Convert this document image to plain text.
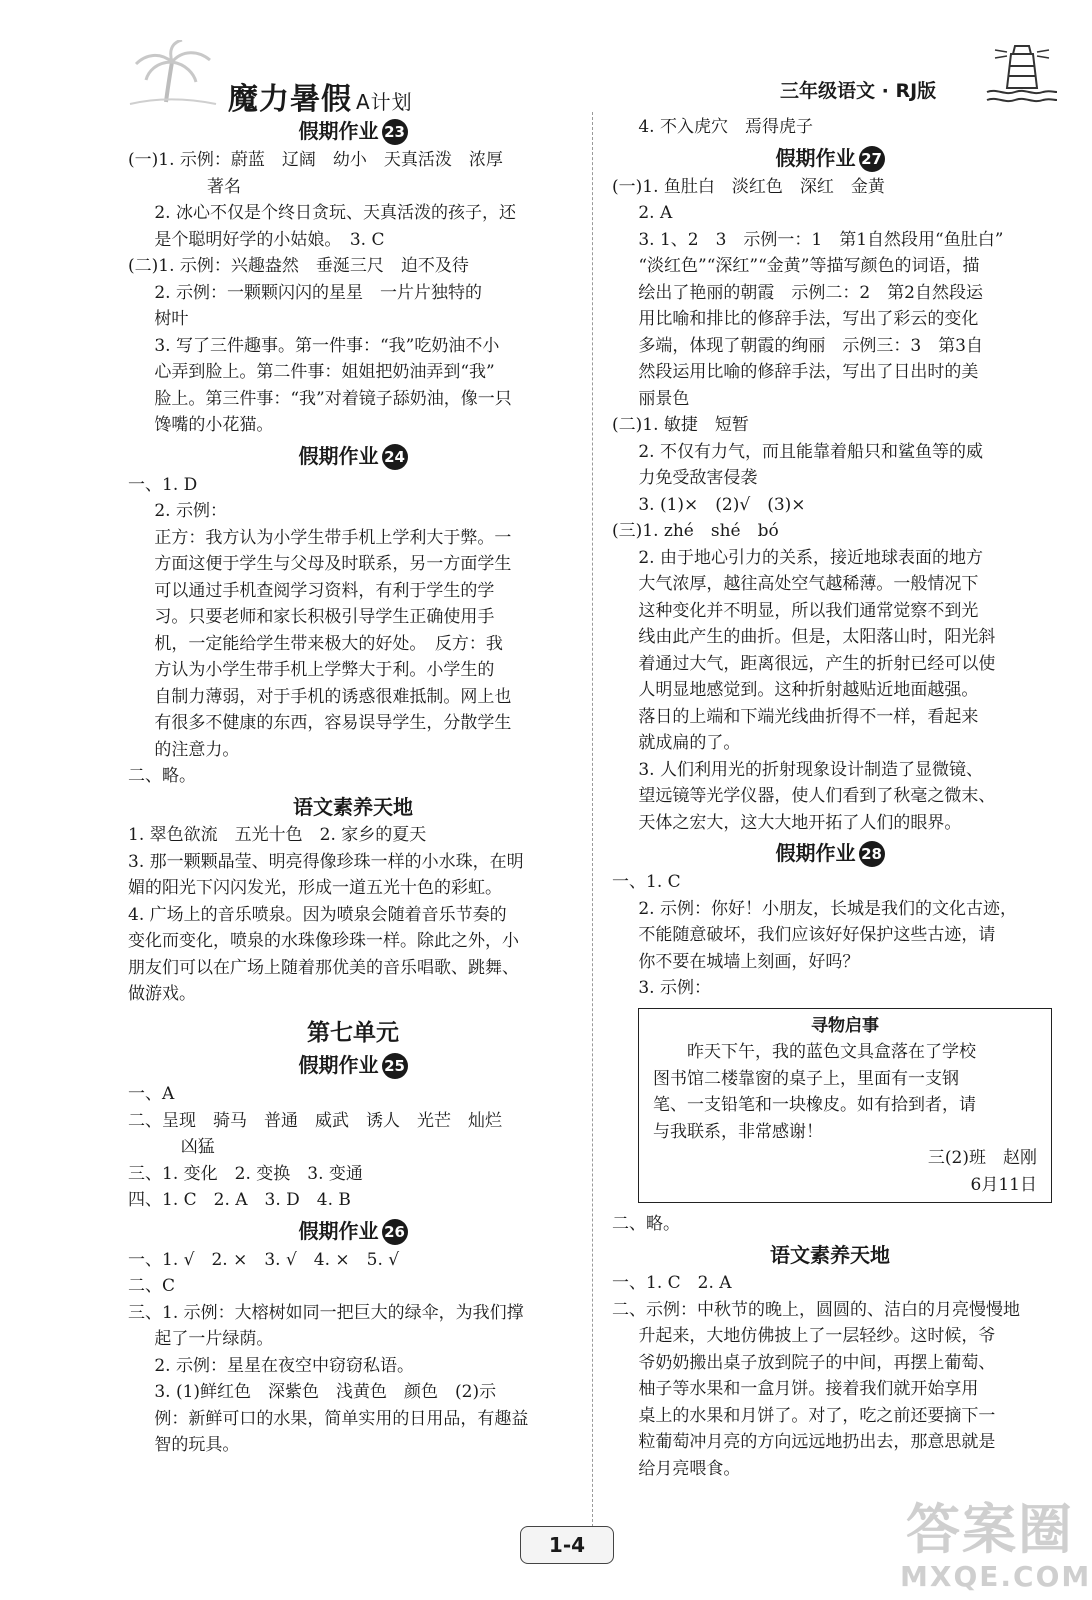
魔力暑假 A计划	三年级语文 · RJ版
假期作业 23
(一)1. 示例：蔚蓝　辽阔　幼小　天真活泼　浓厚
著名
2. 冰心不仅是个终日贪玩、天真活泼的孩子，还
是个聪明好学的小姑娘。　3. C
(二)1. 示例：兴趣盎然　垂涎三尺　迫不及待
2. 示例：一颗颗闪闪的星星　一片片独特的
树叶
3. 写了三件趣事。第一件事：“我”吃奶油不小
心弄到脸上。第二件事：姐姐把奶油弄到“我”
脸上。第三件事：“我”对着镜子舔奶油，像一只
馋嘴的小花猫。
假期作业 24
一、1. D
2. 示例：
正方：我方认为小学生带手机上学利大于弊。一
方面这便于学生与父母及时联系，另一方面学生
可以通过手机查阅学习资料，有利于学生的学
习。只要老师和家长积极引导学生正确使用手
机，一定能给学生带来极大的好处。　反方：我
方认为小学生带手机上学弊大于利。小学生的
自制力薄弱，对于手机的诱惑很难抵制。网上也
有很多不健康的东西，容易误导学生，分散学生
的注意力。
二、略。
语文素养天地
1. 翠色欲流　五光十色　2. 家乡的夏天
3. 那一颗颗晶莹、明亮得像珍珠一样的小水珠，在明
媚的阳光下闪闪发光，形成一道五光十色的彩虹。
4. 广场上的音乐喷泉。因为喷泉会随着音乐节奏的
变化而变化，喷泉的水珠像珍珠一样。除此之外，小
朋友们可以在广场上随着那优美的音乐唱歌、跳舞、
做游戏。
第七单元
假期作业 25
一、A
二、呈现　骑马　普通　威武　诱人　光芒　灿烂
凶猛
三、1. 变化　2. 变换　3. 变通
四、1. C　2. A　3. D　4. B
假期作业 26
一、1. √　2. ×　3. √　4. ×　5. √
二、C
三、1. 示例：大榕树如同一把巨大的绿伞，为我们撑
起了一片绿荫。
2. 示例：星星在夜空中窃窃私语。
3. (1)鲜红色　深紫色　浅黄色　颜色　(2)示
例：新鲜可口的水果，简单实用的日用品，有趣益
智的玩具。
4. 不入虎穴　焉得虎子
假期作业 27
(一)1. 鱼肚白　淡红色　深红　金黄
2. A
3. 1、2　3　示例一：1　第1自然段用“鱼肚白”
“淡红色”“深红”“金黄”等描写颜色的词语，描
绘出了艳丽的朝霞　示例二：2　第2自然段运
用比喻和排比的修辞手法，写出了彩云的变化
多端，体现了朝霞的绚丽　示例三：3　第3自
然段运用比喻的修辞手法，写出了日出时的美
丽景色
(二)1. 敏捷　短暂
2. 不仅有力气，而且能靠着船只和鲨鱼等的威
力免受敌害侵袭
3. (1)×　(2)√　(3)×
(三)1. zhé　shé　bó
2. 由于地心引力的关系，接近地球表面的地方
大气浓厚，越往高处空气越稀薄。一般情况下
这种变化并不明显，所以我们通常觉察不到光
线由此产生的曲折。但是，太阳落山时，阳光斜
着通过大气，距离很远，产生的折射已经可以使
人明显地感觉到。这种折射越贴近地面越强。
落日的上端和下端光线曲折得不一样，看起来
就成扁的了。
3. 人们利用光的折射现象设计制造了显微镜、
望远镜等光学仪器，使人们看到了秋毫之微末、
天体之宏大，这大大地开拓了人们的眼界。
假期作业 28
一、1. C
2. 示例：你好！小朋友，长城是我们的文化古迹，
不能随意破坏，我们应该好好保护这些古迹，请
你不要在城墙上刻画，好吗？
3. 示例：
寻物启事
　　昨天下午，我的蓝色文具盒落在了学校
图书馆二楼靠窗的桌子上，里面有一支钢
笔、一支铅笔和一块橡皮。如有拾到者，请
与我联系，非常感谢！
三(2)班　赵刚
6月11日
二、略。
语文素养天地
一、1. C　2. A
二、示例：中秋节的晚上，圆圆的、洁白的月亮慢慢地
升起来，大地仿佛披上了一层轻纱。这时候，爷
爷奶奶搬出桌子放到院子的中间，再摆上葡萄、
柚子等水果和一盒月饼。接着我们就开始享用
桌上的水果和月饼了。对了，吃之前还要摘下一
粒葡萄冲月亮的方向远远地扔出去，那意思就是
给月亮喂食。
1-4	答案圈
MXQE.COM
